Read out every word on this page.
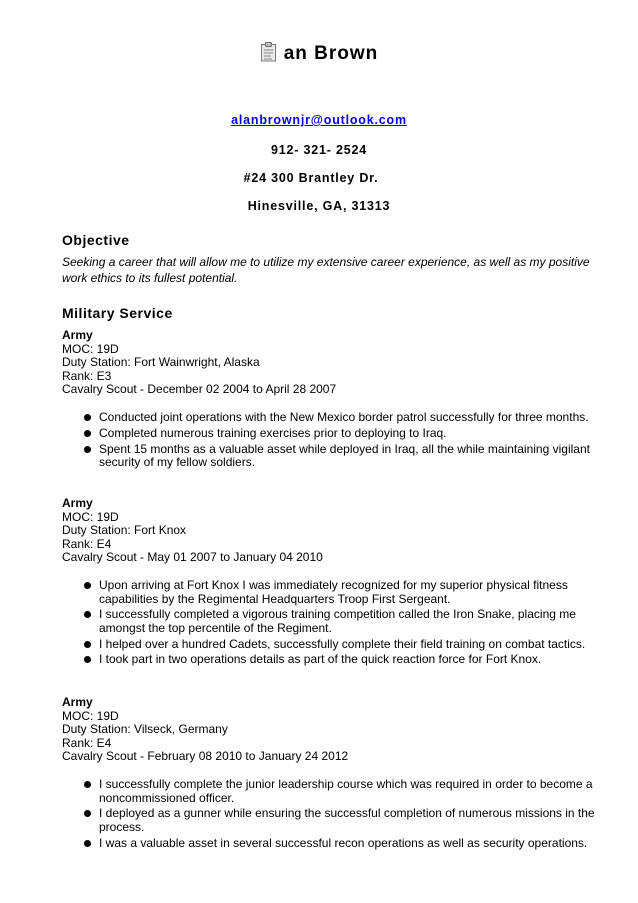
an Brown
alanbrownjr@outlook.com
912- 321- 2524
#24 300 Brantley Dr.
Hinesville, GA, 31313
Objective
Seeking a career that will allow me to utilize my extensive career experience, as well as my positive work ethics to its fullest potential.
Military Service
Army
MOC: 19D
Duty Station: Fort Wainwright, Alaska
Rank: E3
Cavalry Scout - December 02 2004 to April 28 2007
Conducted joint operations with the New Mexico border patrol successfully for three months.
Completed numerous training exercises prior to deploying to Iraq.
Spent 15 months as a valuable asset while deployed in Iraq, all the while maintaining vigilant security of my fellow soldiers.
Army
MOC: 19D
Duty Station: Fort Knox
Rank: E4
Cavalry Scout - May 01 2007 to January 04 2010
Upon arriving at Fort Knox I was immediately recognized for my superior physical fitness capabilities by the Regimental Headquarters Troop First Sergeant.
I successfully completed a vigorous training competition called the Iron Snake, placing me amongst the top percentile of the Regiment.
I helped over a hundred Cadets, successfully complete their field training on combat tactics.
I took part in two operations details as part of the quick reaction force for Fort Knox.
Army
MOC: 19D
Duty Station: Vilseck, Germany
Rank: E4
Cavalry Scout - February 08 2010 to January 24 2012
I successfully complete the junior leadership course which was required in order to become a noncommissioned officer.
I deployed as a gunner while ensuring the successful completion of numerous missions in the process.
I was a valuable asset in several successful recon operations as well as security operations.
